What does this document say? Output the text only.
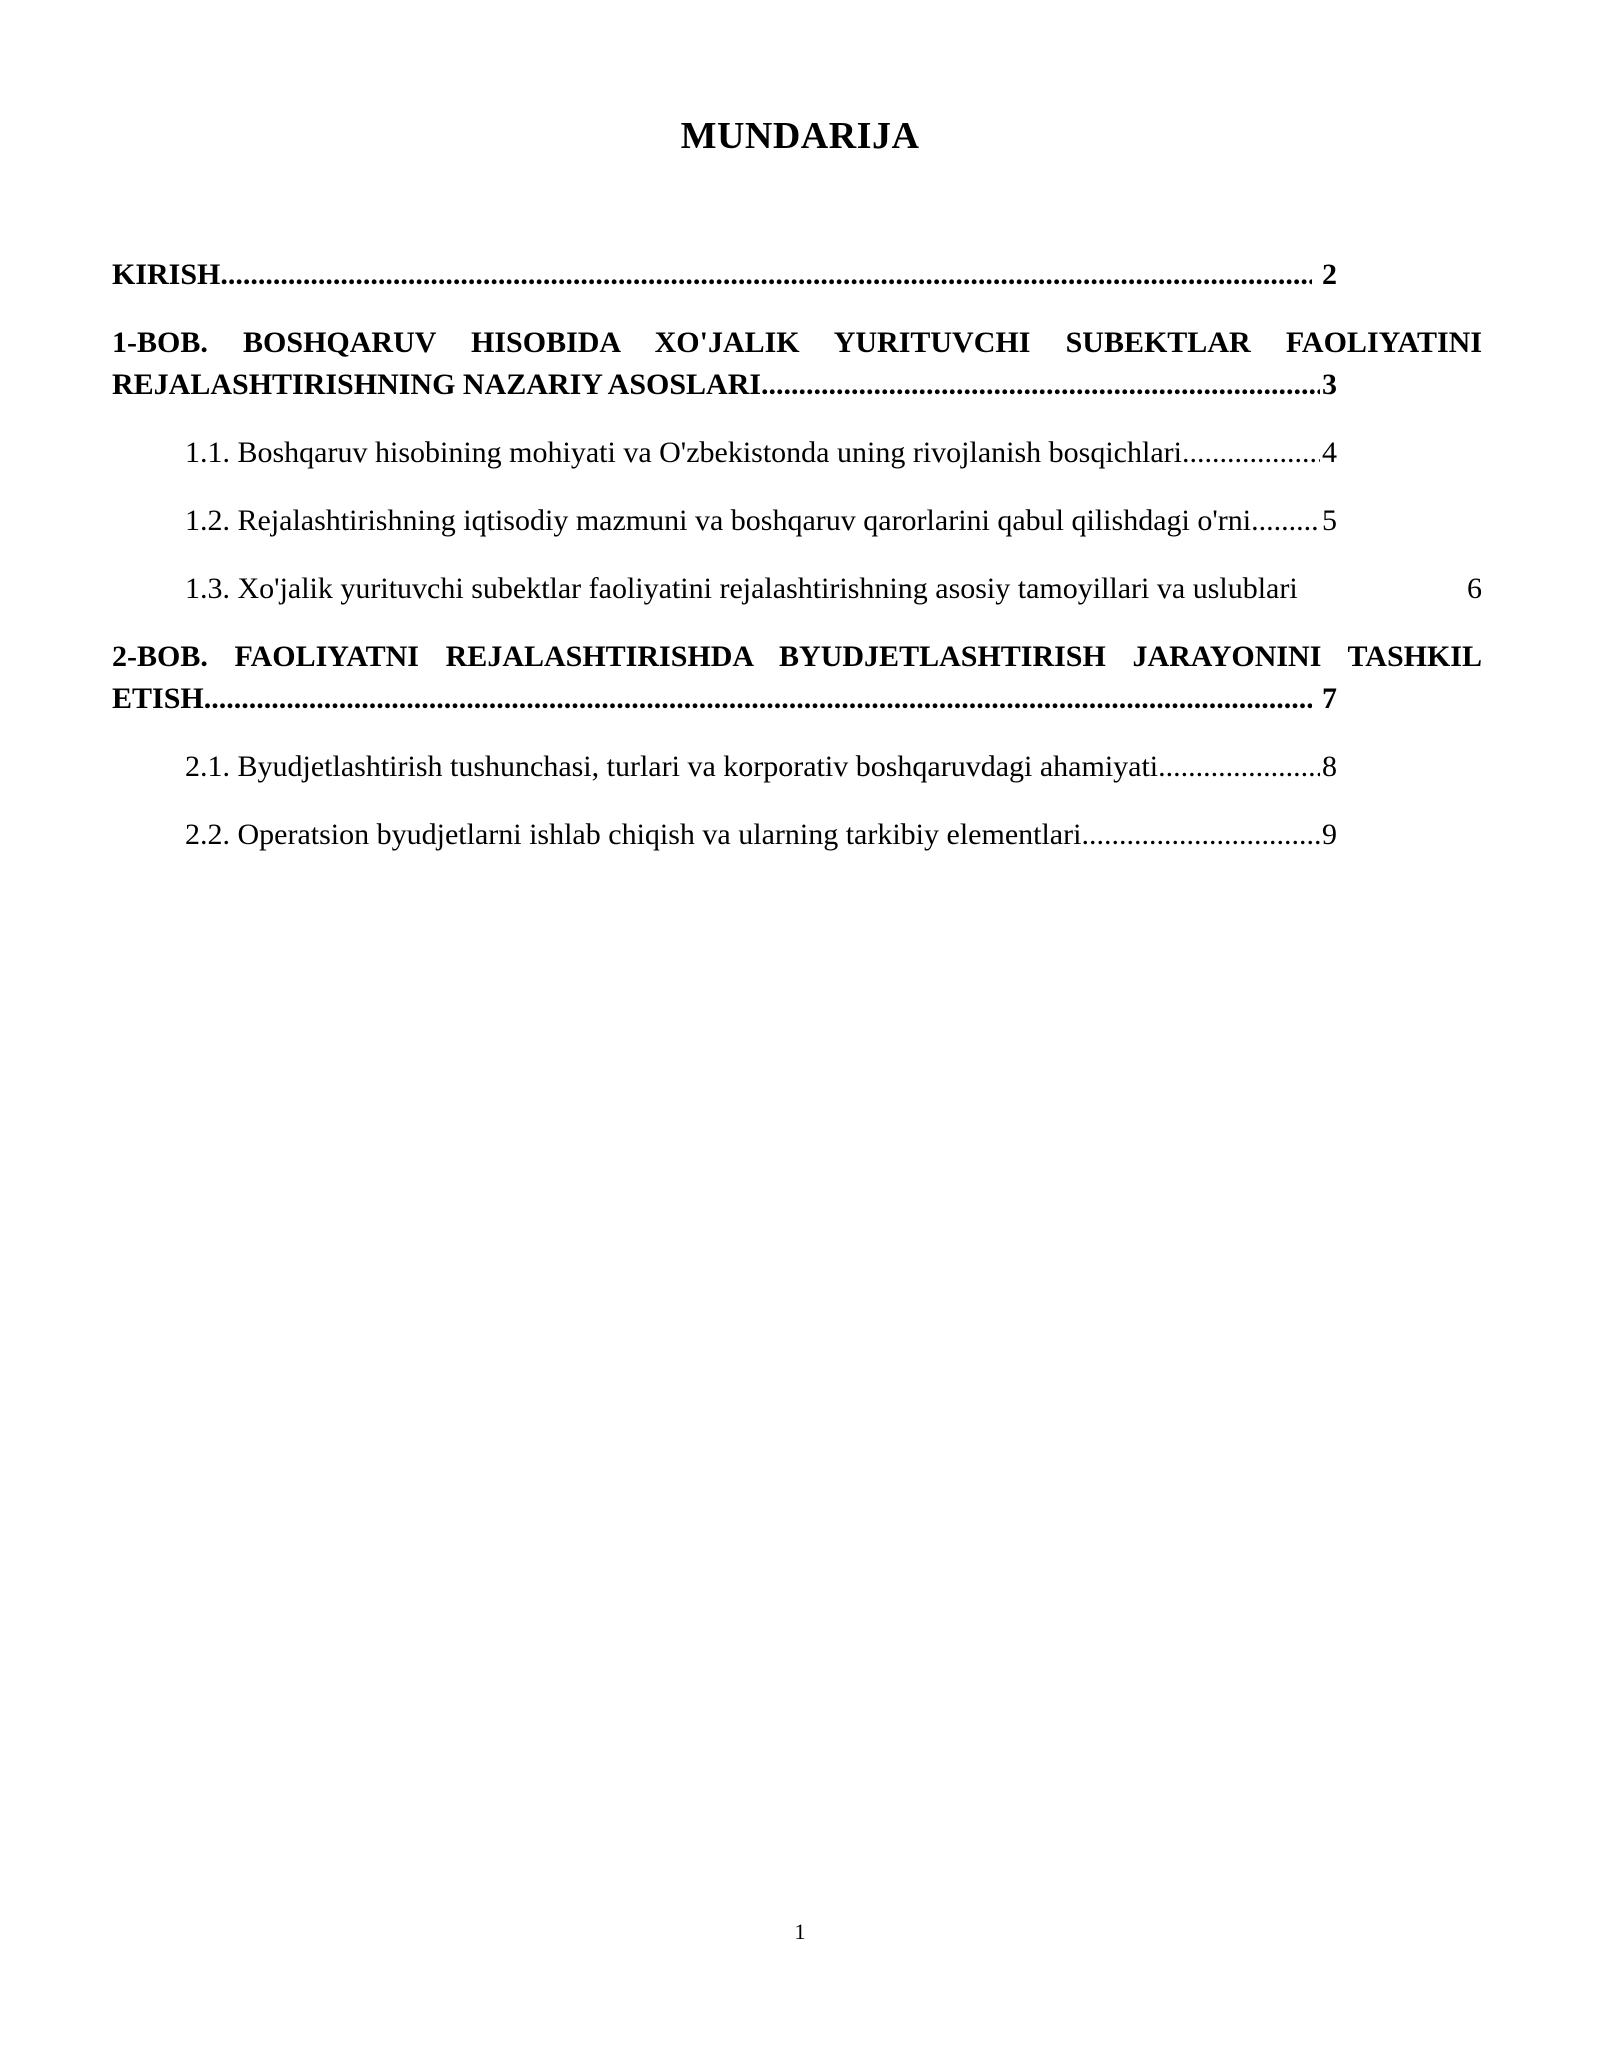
MUNDARIJA
KIRISH .....	2
1-BOB. BOSHQARUV HISOBIDA XO'JALIK YURITUVCHI SUBEKTLAR FAOLIYATINI
REJALASHTIRISHNING NAZARIY ASOSLARI .....	3
1.1. Boshqaruv hisobining mohiyati va O'zbekistonda uning rivojlanish bosqichlari .....	4
1.2. Rejalashtirishning iqtisodiy mazmuni va boshqaruv qarorlarini qabul qilishdagi o'rni ..... 5
1.3. Xo'jalik yurituvchi subektlar faoliyatini rejalashtirishning asosiy tamoyillari va uslublari	6
2-BOB. FAOLIYATNI REJALASHTIRISHDA BYUDJETLASHTIRISH JARAYONINI TASHKIL
ETISH .....	7
2.1. Byudjetlashtirish tushunchasi, turlari va korporativ boshqaruvdagi ahamiyati .....	8
2.2. Operatsion byudjetlarni ishlab chiqish va ularning tarkibiy elementlari .....	9
1
